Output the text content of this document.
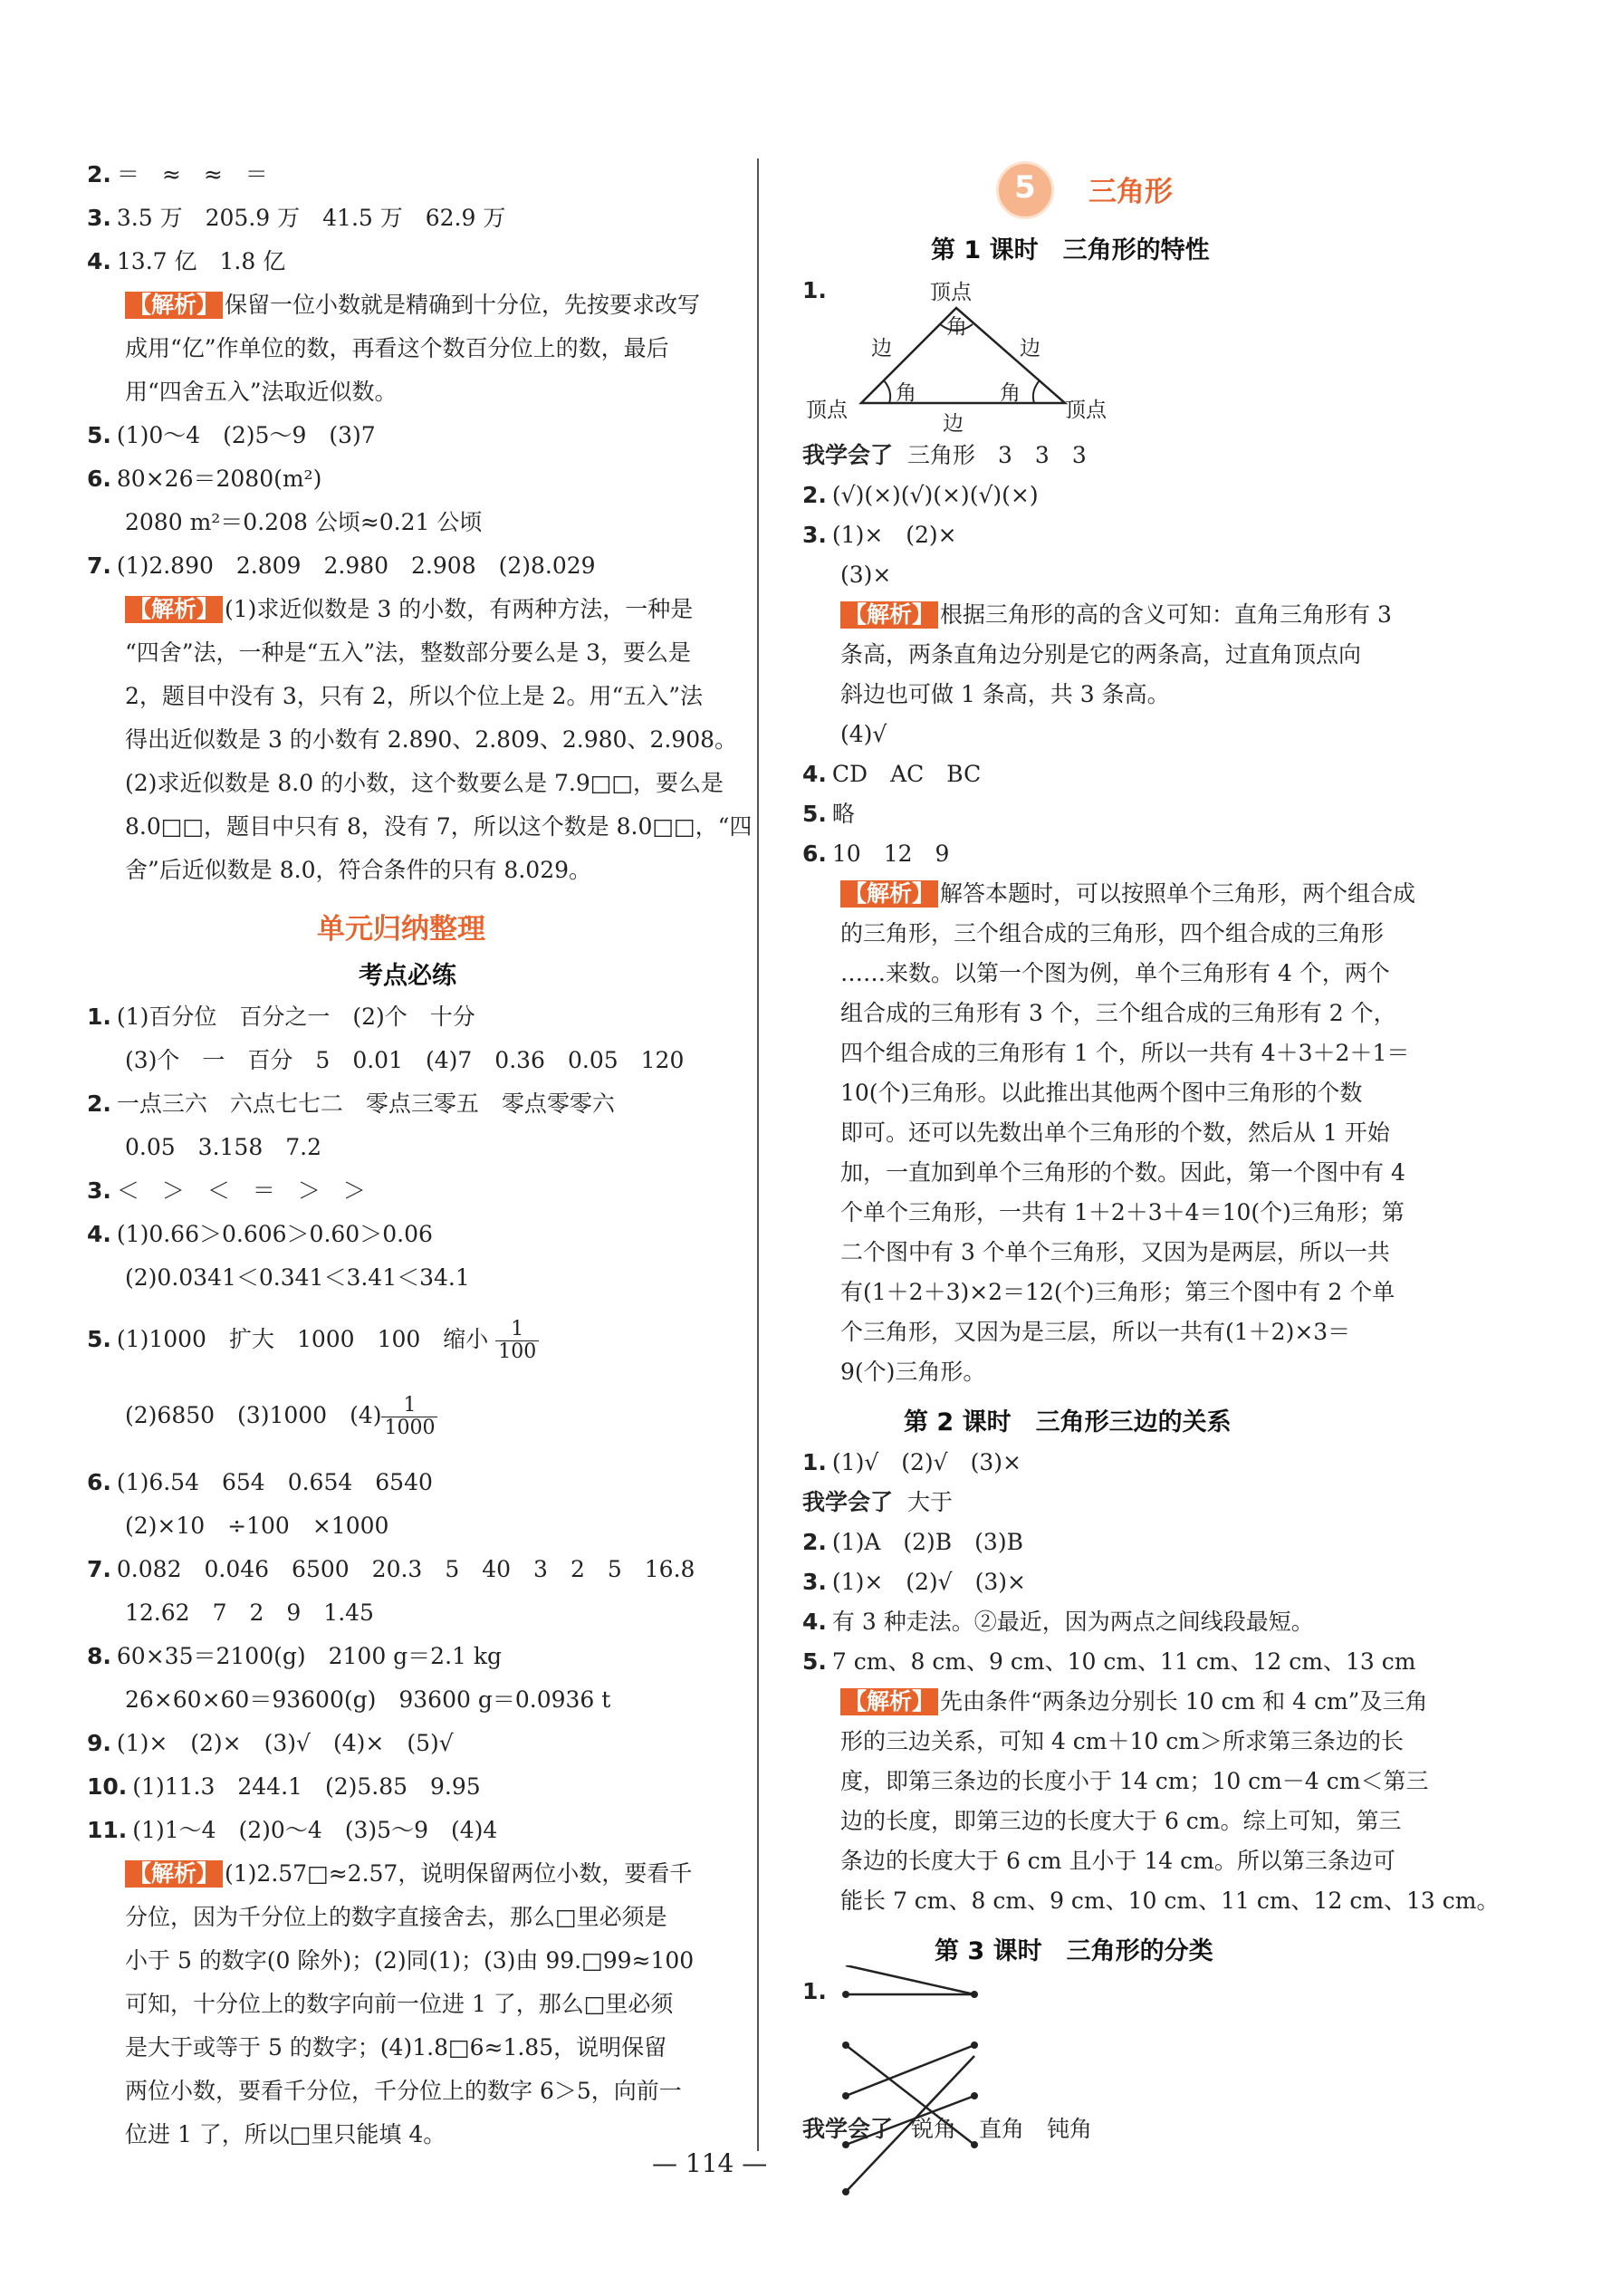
2. ＝　≈　≈　＝
3. 3.5 万　205.9 万　41.5 万　62.9 万
4. 13.7 亿　1.8 亿
【解析】 保留一位小数就是精确到十分位，先按要求改写
成用“亿”作单位的数，再看这个数百分位上的数，最后
用“四舍五入”法取近似数。
5. (1)0～4　(2)5～9　(3)7
6. 80×26＝2080(m²)
2080 m²＝0.208 公顷≈0.21 公顷
7. (1)2.890　2.809　2.980　2.908　(2)8.029
【解析】 (1)求近似数是 3 的小数，有两种方法，一种是
“四舍”法，一种是“五入”法，整数部分要么是 3，要么是
2，题目中没有 3，只有 2，所以个位上是 2。用“五入”法
得出近似数是 3 的小数有 2.890、2.809、2.980、2.908。
(2)求近似数是 8.0 的小数，这个数要么是 7.9□□，要么是
8.0□□，题目中只有 8，没有 7，所以这个数是 8.0□□，“四
舍”后近似数是 8.0，符合条件的只有 8.029。
单元归纳整理
考点必练
1. (1)百分位　百分之一　(2)个　十分
(3)个　一　百分　5　0.01　(4)7　0.36　0.05　120
2. 一点三六　六点七七二　零点三零五　零点零零六
0.05　3.158　7.2
3. ＜　＞　＜　＝　＞　＞
4. (1)0.66＞0.606＞0.60＞0.06
(2)0.0341＜0.341＜3.41＜34.1
5. (1)1000　扩大　1000　100　缩小 $\frac{1}{100}$
(2)6850　(3)1000　$(4) \frac{1}{1000}$
6. (1)6.54　654　0.654　6540
(2)×10　÷100　×1000
7. 0.082　0.046　6500　20.3　5　40　3　2　5　16.8
12.62　7　2　9　1.45
8. 60×35＝2100(g)　2100 g＝2.1 kg
26×60×60＝93600(g)　93600 g＝0.0936 t
9. (1)×　(2)×　(3)√　(4)×　(5)√
10. (1)11.3　244.1　(2)5.85　9.95
11. (1)1～4　(2)0～4　(3)5～9　(4)4
【解析】 (1)2.57□≈2.57，说明保留两位小数，要看千
分位，因为千分位上的数字直接舍去，那么□里必须是
小于 5 的数字(0 除外)；(2)同(1)；(3)由 99.□99≈100
可知，十分位上的数字向前一位进 1 了，那么□里必须
是大于或等于 5 的数字；(4)1.8□6≈1.85，说明保留
两位小数，要看千分位，千分位上的数字 6＞5，向前一
位进 1 了，所以□里只能填 4。
5	三角形
第 1 课时　三角形的特性
1.	顶点
角
边	边
角	角
顶点	顶点
边
我学会了 三角形　3　3　3
2. (√)(×)(√)(×)(√)(×)
3. (1)×　(2)×
(3)×
【解析】 根据三角形的高的含义可知：直角三角形有 3
条高，两条直角边分别是它的两条高，过直角顶点向
斜边也可做 1 条高，共 3 条高。
(4)√
4. CD　AC　BC
5. 略
6. 10　12　9
【解析】 解答本题时，可以按照单个三角形，两个组合成
的三角形，三个组合成的三角形，四个组合成的三角形
……来数。以第一个图为例，单个三角形有 4 个，两个
组合成的三角形有 3 个，三个组合成的三角形有 2 个，
四个组合成的三角形有 1 个，所以一共有 4＋3＋2＋1＝
10(个)三角形。以此推出其他两个图中三角形的个数
即可。还可以先数出单个三角形的个数，然后从 1 开始
加，一直加到单个三角形的个数。因此，第一个图中有 4
个单个三角形，一共有 1＋2＋3＋4＝10(个)三角形；第
二个图中有 3 个单个三角形，又因为是两层，所以一共
有(1＋2＋3)×2＝12(个)三角形；第三个图中有 2 个单
个三角形，又因为是三层，所以一共有(1＋2)×3＝
9(个)三角形。
第 2 课时　三角形三边的关系
1. (1)√　(2)√　(3)×
我学会了 大于
2. (1)A　(2)B　(3)B
3. (1)×　(2)√　(3)×
4. 有 3 种走法。②最近，因为两点之间线段最短。
5. 7 cm、8 cm、9 cm、10 cm、11 cm、12 cm、13 cm
【解析】 先由条件“两条边分别长 10 cm 和 4 cm”及三角
形的三边关系，可知 4 cm＋10 cm＞所求第三条边的长
度，即第三条边的长度小于 14 cm；10 cm－4 cm＜第三
边的长度，即第三边的长度大于 6 cm。综上可知，第三
条边的长度大于 6 cm 且小于 14 cm。所以第三条边可
能长 7 cm、8 cm、9 cm、10 cm、11 cm、12 cm、13 cm。
第 3 课时　三角形的分类
1.
我学会了 锐角　直角　钝角
— 114 —
